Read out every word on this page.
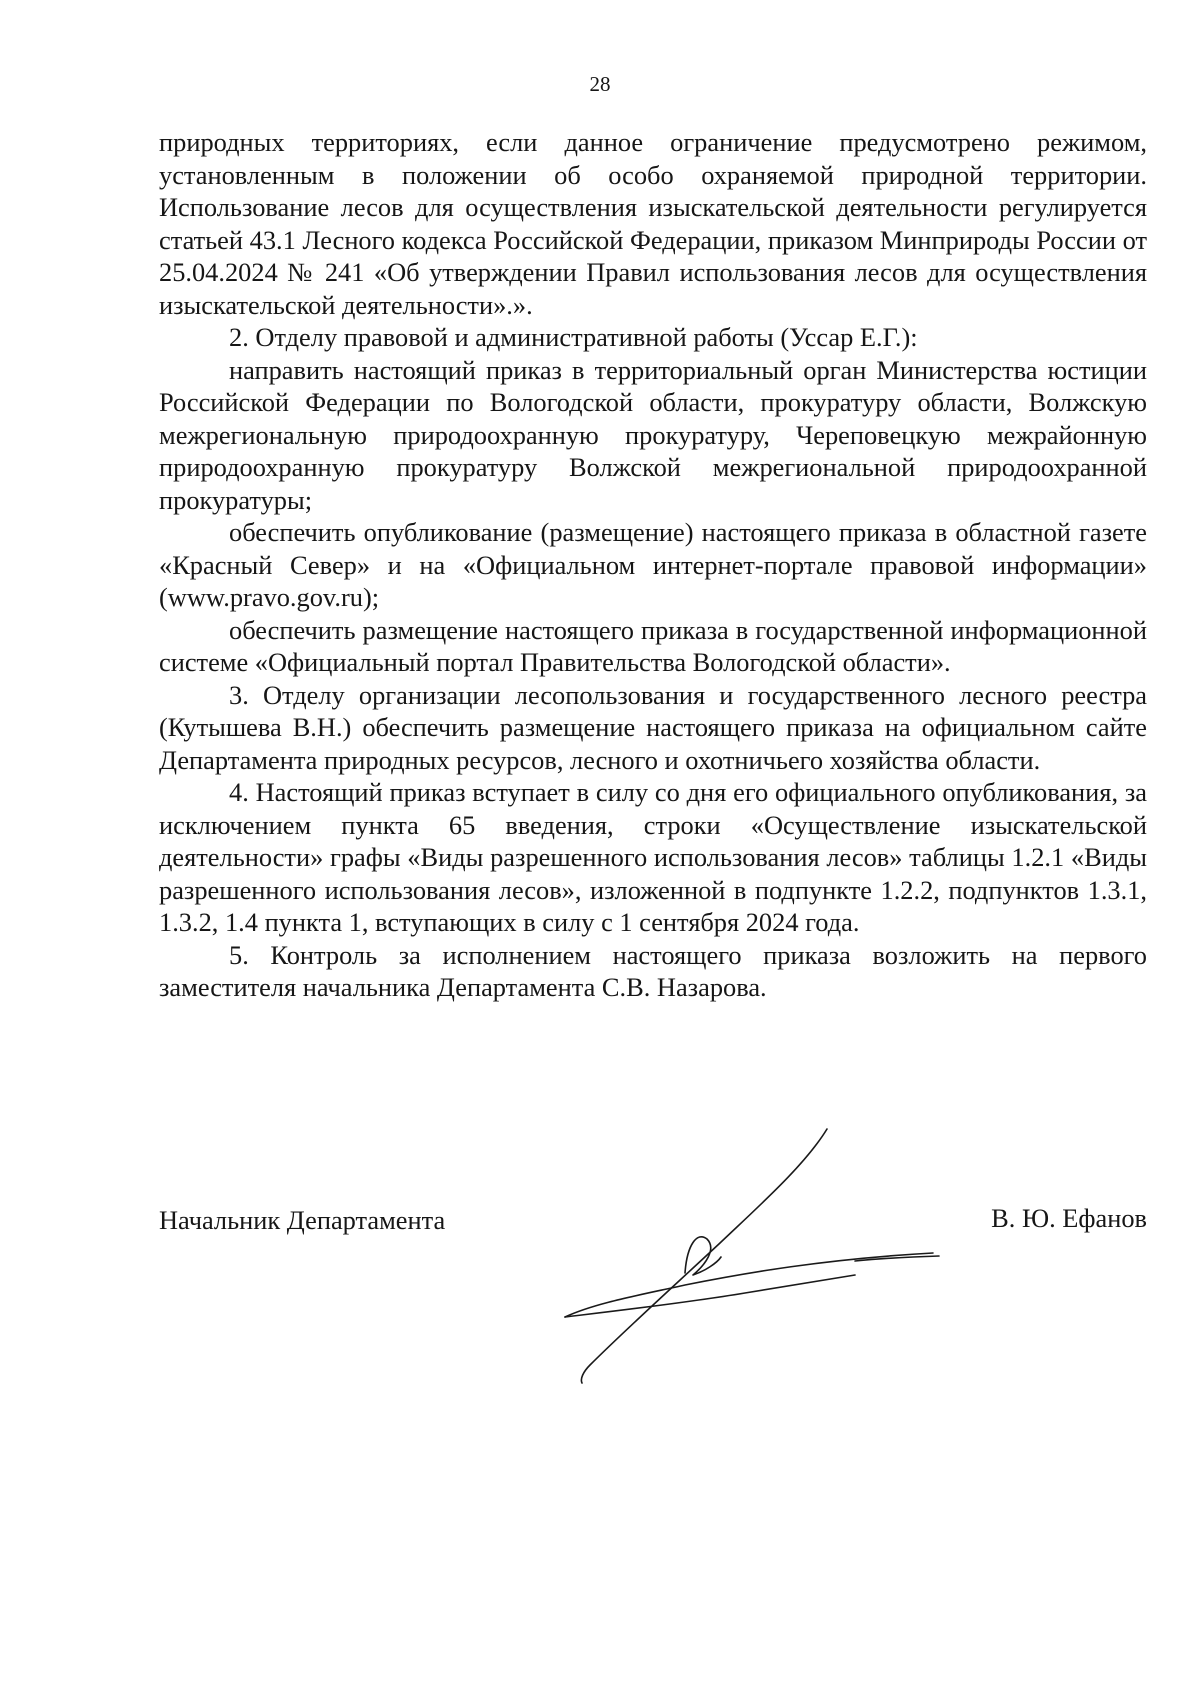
28

природных территориях, если данное ограничение предусмотрено режимом, установленным в положении об особо охраняемой природной территории. Использование лесов для осуществления изыскательской деятельности регулируется статьей 43.1 Лесного кодекса Российской Федерации, приказом Минприроды России от 25.04.2024 № 241 «Об утверждении Правил использования лесов для осуществления изыскательской деятельности».».

2. Отделу правовой и административной работы (Уссар Е.Г.):

направить настоящий приказ в территориальный орган Министерства юстиции Российской Федерации по Вологодской области, прокуратуру области, Волжскую межрегиональную природоохранную прокуратуру, Череповецкую межрайонную природоохранную прокуратуру Волжской межрегиональной природоохранной прокуратуры;

обеспечить опубликование (размещение) настоящего приказа в областной газете «Красный Север» и на «Официальном интернет-портале правовой информации» (www.pravo.gov.ru);

обеспечить размещение настоящего приказа в государственной информационной системе «Официальный портал Правительства Вологодской области».

3. Отделу организации лесопользования и государственного лесного реестра (Кутышева В.Н.) обеспечить размещение настоящего приказа на официальном сайте Департамента природных ресурсов, лесного и охотничьего хозяйства области.

4. Настоящий приказ вступает в силу со дня его официального опубликования, за исключением пункта 65 введения, строки «Осуществление изыскательской деятельности» графы «Виды разрешенного использования лесов» таблицы 1.2.1 «Виды разрешенного использования лесов», изложенной в подпункте 1.2.2, подпунктов 1.3.1, 1.3.2, 1.4 пункта 1, вступающих в силу с 1 сентября 2024 года.

5. Контроль за исполнением настоящего приказа возложить на первого заместителя начальника Департамента С.В. Назарова.

Начальник Департамента	В. Ю. Ефанов
